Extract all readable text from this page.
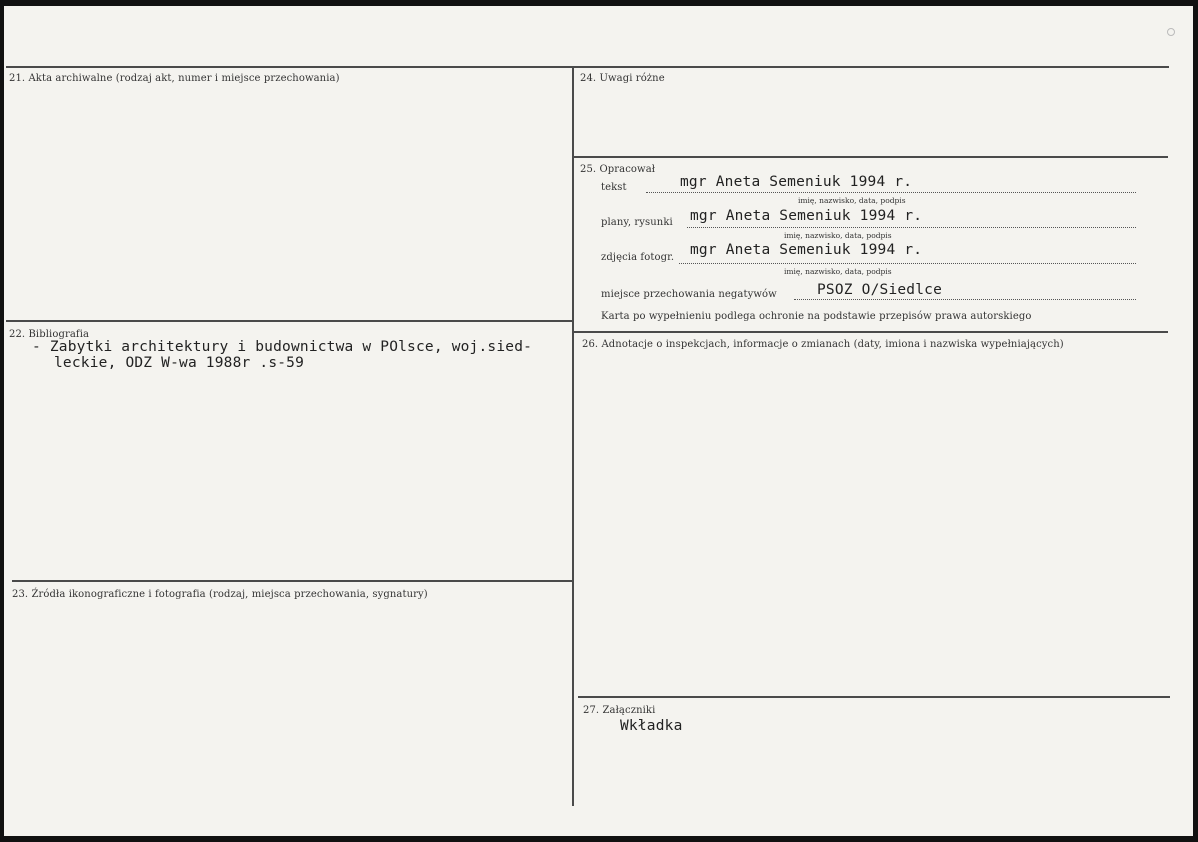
21. Akta archiwalne (rodzaj akt, numer i miejsce przechowania)
22. Bibliografia
- Zabytki architektury i budownictwa w POlsce, woj.sied-
leckie, ODZ W-wa 1988r .s-59
23. Źródła ikonograficzne i fotografia (rodzaj, miejsca przechowania, sygnatury)
24. Uwagi różne
25. Opracował
tekst	mgr Aneta Semeniuk 1994 r.
imię, nazwisko, data, podpis
plany, rysunki mgr Aneta Semeniuk 1994 r.
imię, nazwisko, data, podpis
zdjęcia fotogr. mgr Aneta Semeniuk 1994 r.
imię, nazwisko, data, podpis
miejsce przechowania negatywów	PSOZ O/Siedlce
Karta po wypełnieniu podlega ochronie na podstawie przepisów prawa autorskiego
26. Adnotacje o inspekcjach, informacje o zmianach (daty, imiona i nazwiska wypełniających)
27. Załączniki
Wkładka
